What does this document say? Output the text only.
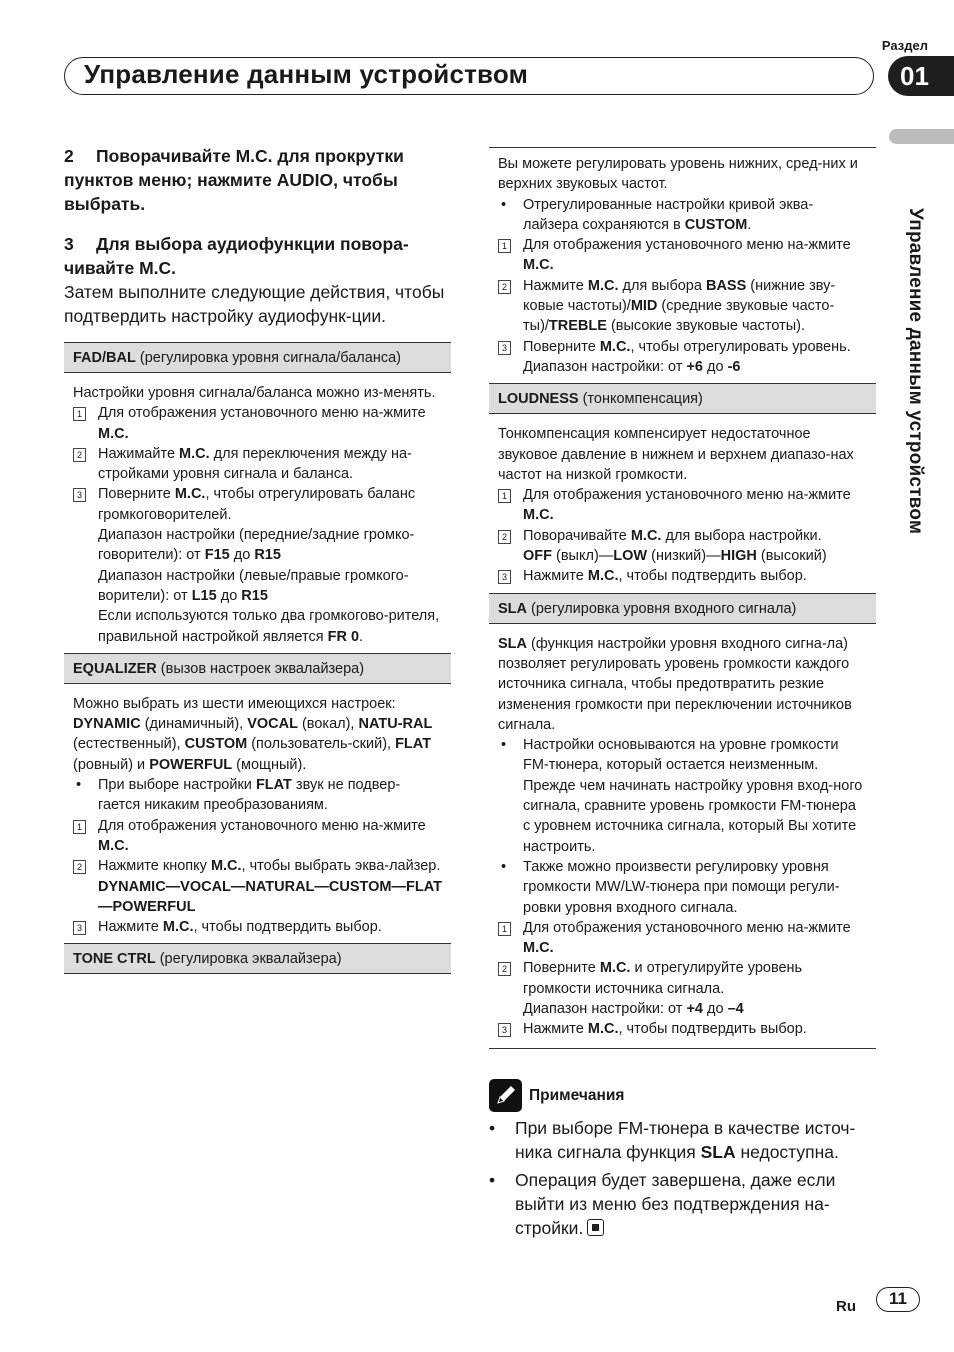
Раздел
Управление данным устройством	01
Управление данным устройством
2 Поворачивайте M.C. для прокрутки пунктов меню; нажмите AUDIO, чтобы выбрать.
3 Для выбора аудиофункции повора-чивайте M.C.
Затем выполните следующие действия, чтобы подтвердить настройку аудиофунк-ции.
FAD/BAL (регулировка уровня сигнала/баланса)

Настройки уровня сигнала/баланса можно из-менять.

1 Для отображения установочного меню на-жмите M.C.
2 Нажимайте M.C. для переключения между на-стройками уровня сигнала и баланса.
3 Поверните M.C., чтобы отрегулировать баланс громкоговорителей.
Диапазон настройки (передние/задние громко-говорители): от F15 до R15
Диапазон настройки (левые/правые громкого-ворители): от L15 до R15
Если используются только два громкогово-рителя, правильной настройкой является FR 0.
EQUALIZER (вызов настроек эквалайзера)

Можно выбрать из шести имеющихся настроек: DYNAMIC (динамичный), VOCAL (вокал), NATU-RAL (естественный), CUSTOM (пользователь-ский), FLAT (ровный) и POWERFUL (мощный).

• При выборе настройки FLAT звук не подвер-гается никаким преобразованиям.
1 Для отображения установочного меню на-жмите M.C.
2 Нажмите кнопку M.C., чтобы выбрать эква-лайзер.
DYNAMIC—VOCAL—NATURAL—CUSTOM—FLAT—POWERFUL
3 Нажмите M.C., чтобы подтвердить выбор.
TONE CTRL (регулировка эквалайзера)

Вы можете регулировать уровень нижних, сред-них и верхних звуковых частот.

• Отрегулированные настройки кривой эква-лайзера сохраняются в CUSTOM.
1 Для отображения установочного меню на-жмите M.C.
2 Нажмите M.C. для выбора BASS (нижние зву-ковые частоты)/MID (средние звуковые часто-ты)/TREBLE (высокие звуковые частоты).
3 Поверните M.C., чтобы отрегулировать уровень.
Диапазон настройки: от +6 до -6
LOUDNESS (тонкомпенсация)

Тонкомпенсация компенсирует недостаточное звуковое давление в нижнем и верхнем диапазо-нах частот на низкой громкости.

1 Для отображения установочного меню на-жмите M.C.
2 Поворачивайте M.C. для выбора настройки.
OFF (выкл)—LOW (низкий)—HIGH (высокий)
3 Нажмите M.C., чтобы подтвердить выбор.
SLA (регулировка уровня входного сигнала)

SLA (функция настройки уровня входного сигна-ла) позволяет регулировать уровень громкости каждого источника сигнала, чтобы предотвратить резкие изменения громкости при переключении источников сигнала.

• Настройки основываются на уровне громкости FM-тюнера, который остается неизменным. Прежде чем начинать настройку уровня вход-ного сигнала, сравните уровень громкости FM-тюнера с уровнем источника сигнала, который Вы хотите настроить.
• Также можно произвести регулировку уровня громкости MW/LW-тюнера при помощи регули-ровки уровня входного сигнала.
1 Для отображения установочного меню на-жмите M.C.
2 Поверните M.C. и отрегулируйте уровень громкости источника сигнала.
Диапазон настройки: от +4 до –4
3 Нажмите M.C., чтобы подтвердить выбор.
Примечания
• При выборе FM-тюнера в качестве источ-ника сигнала функция SLA недоступна.
• Операция будет завершена, даже если выйти из меню без подтверждения на-стройки.
Ru	11
